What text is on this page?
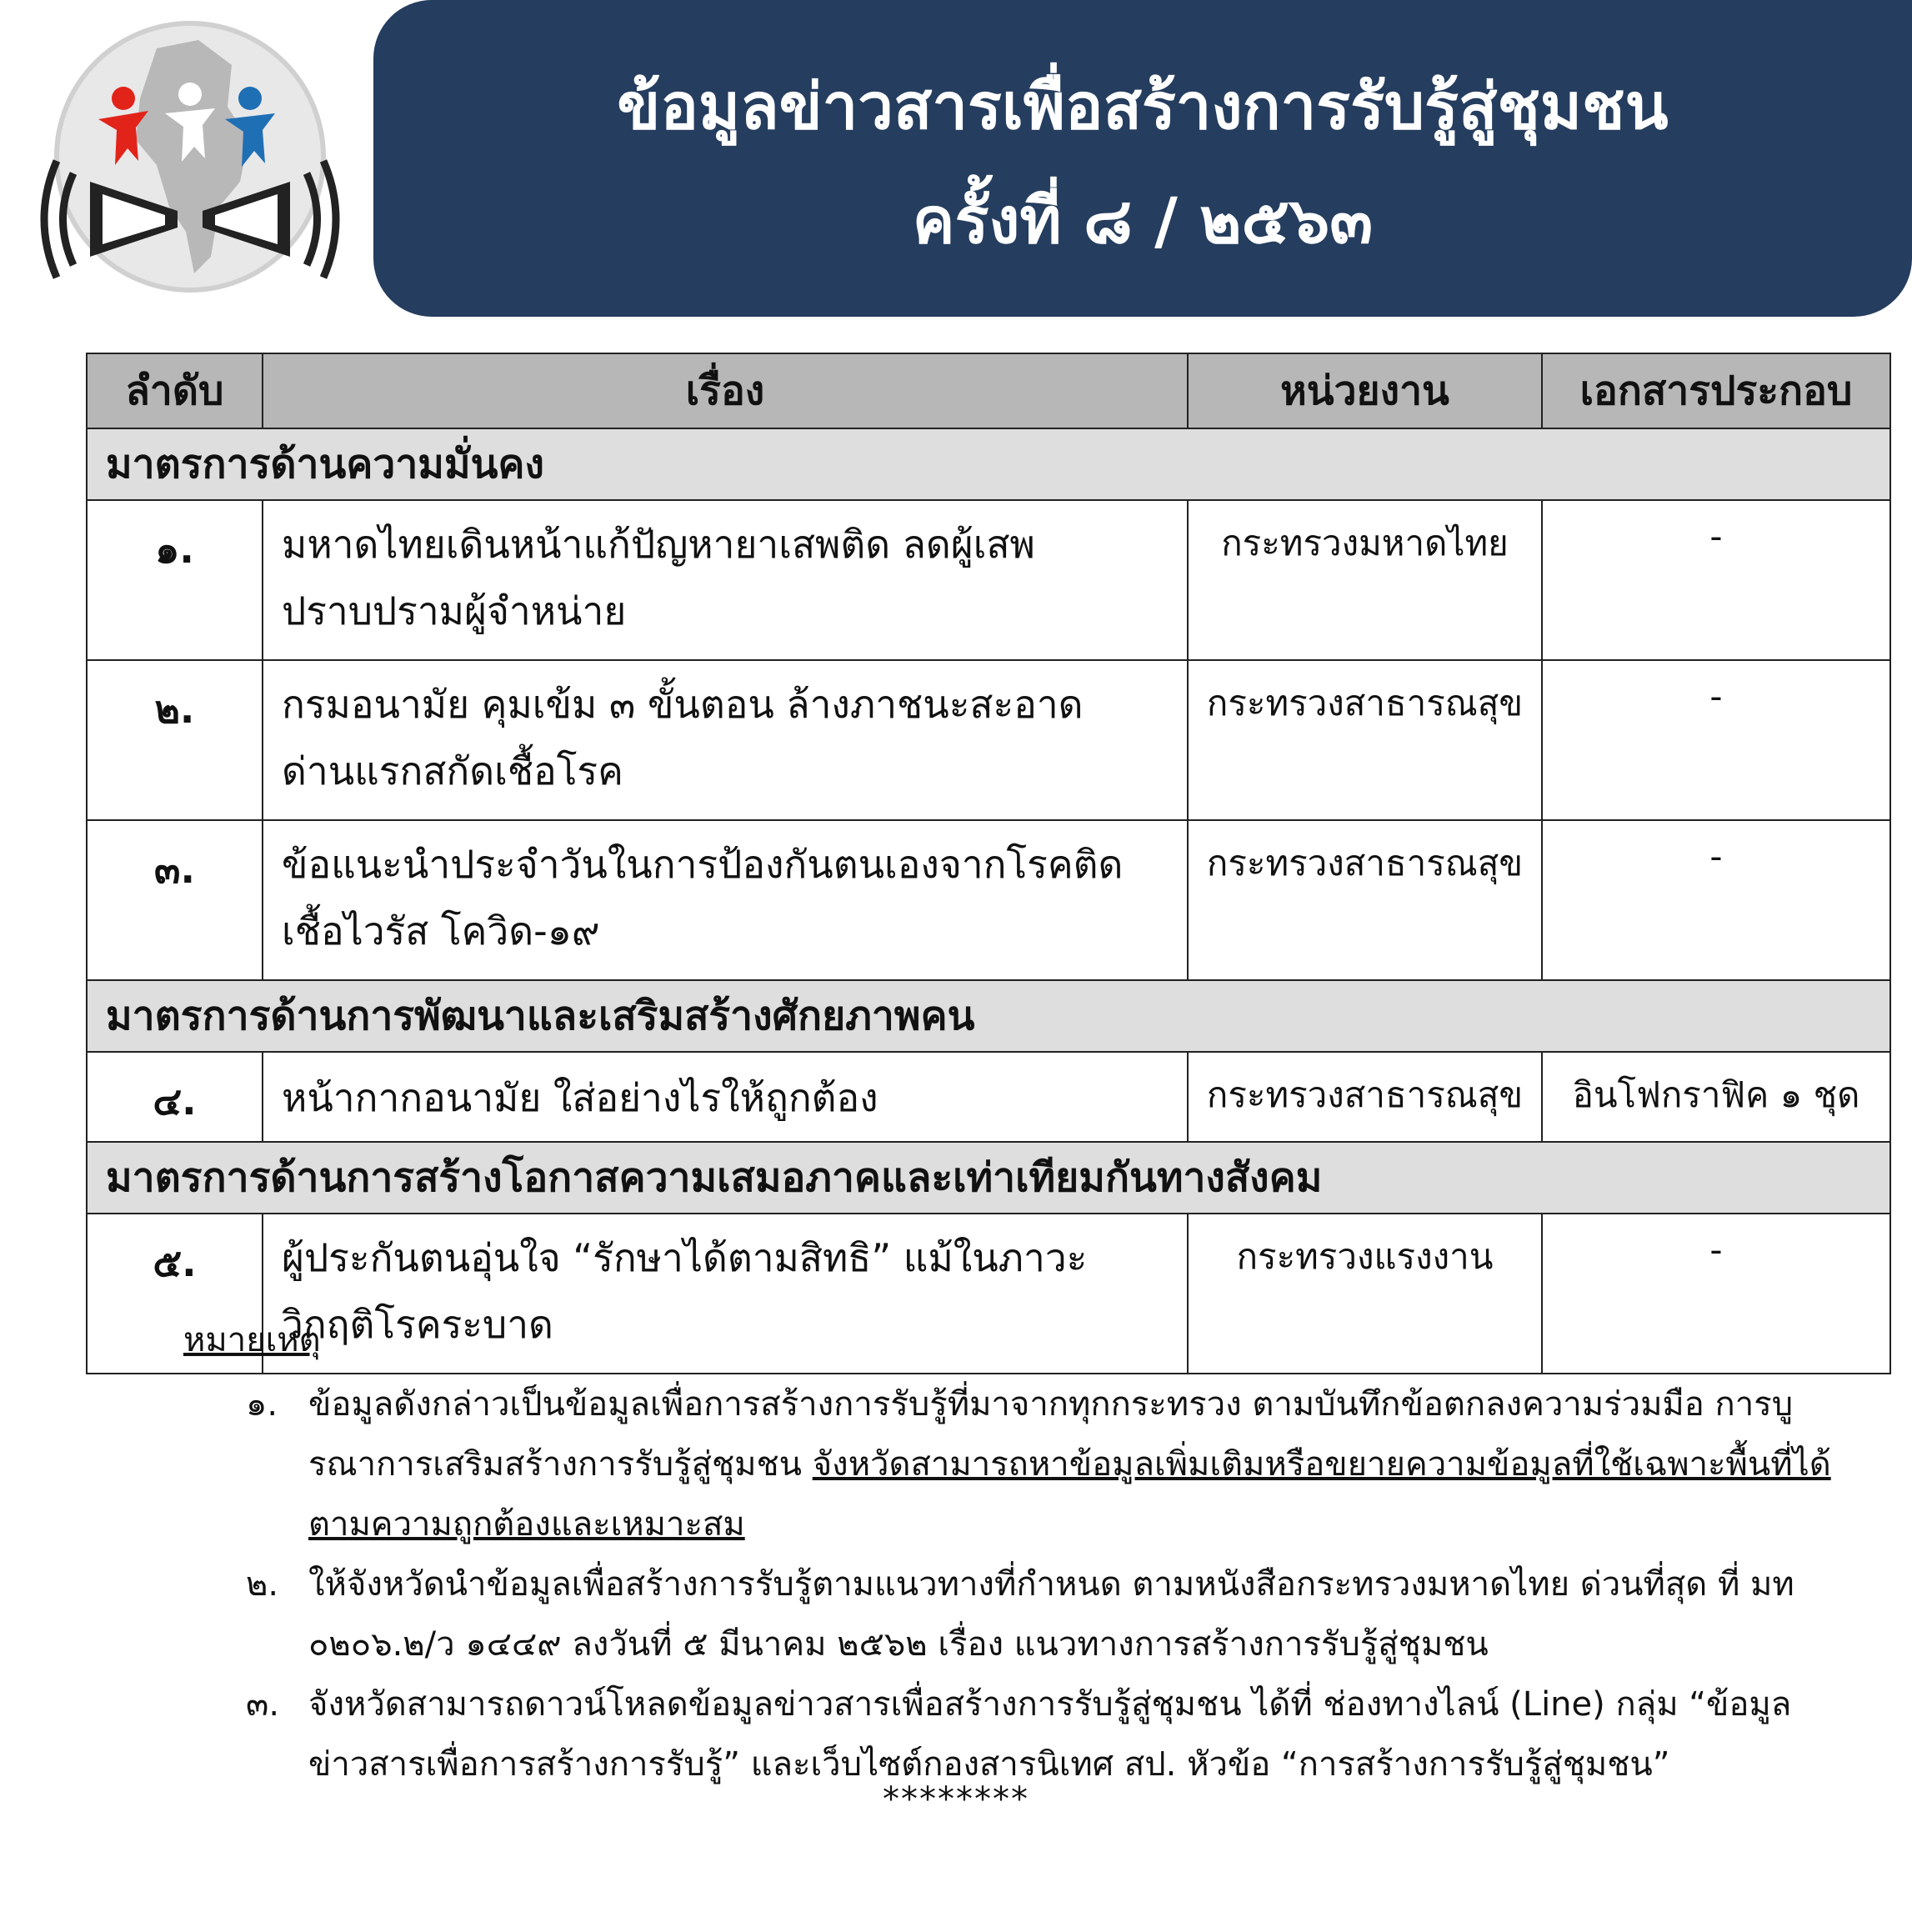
ข้อมูลข่าวสารเพื่อสร้างการรับรู้สู่ชุมชน
ครั้งที่ ๘ / ๒๕๖๓
ลำดับ	เรื่อง	หน่วยงาน	เอกสารประกอบ
มาตรการด้านความมั่นคง			
๑.	มหาดไทยเดินหน้าแก้ปัญหายาเสพติด ลดผู้เสพ
ปราบปรามผู้จำหน่าย	กระทรวงมหาดไทย	-
๒.	กรมอนามัย คุมเข้ม ๓ ขั้นตอน ล้างภาชนะสะอาด
ด่านแรกสกัดเชื้อโรค	กระทรวงสาธารณสุข	-
๓.	ข้อแนะนำประจำวันในการป้องกันตนเองจากโรคติด
เชื้อไวรัส โควิด-๑๙	กระทรวงสาธารณสุข	-
มาตรการด้านการพัฒนาและเสริมสร้างศักยภาพคน			
๔.	หน้ากากอนามัย ใส่อย่างไรให้ถูกต้อง	กระทรวงสาธารณสุข	อินโฟกราฟิค ๑ ชุด
มาตรการด้านการสร้างโอกาสความเสมอภาคและเท่าเทียมกันทางสังคม			
๕.	ผู้ประกันตนอุ่นใจ “รักษาได้ตามสิทธิ” แม้ในภาวะ
วิกฤติโรคระบาด	กระทรวงแรงงาน	-
หมายเหตุ
๑. ข้อมูลดังกล่าวเป็นข้อมูลเพื่อการสร้างการรับรู้ที่มาจากทุกกระทรวง ตามบันทึกข้อตกลงความร่วมมือ การบูรณาการเสริมสร้างการรับรู้สู่ชุมชน จังหวัดสามารถหาข้อมูลเพิ่มเติมหรือขยายความข้อมูลที่ใช้เฉพาะพื้นที่ได้ตามความถูกต้องและเหมาะสม
๒. ให้จังหวัดนำข้อมูลเพื่อสร้างการรับรู้ตามแนวทางที่กำหนด ตามหนังสือกระทรวงมหาดไทย ด่วนที่สุด ที่ มท ๐๒๐๖.๒/ว ๑๔๔๙ ลงวันที่ ๕ มีนาคม ๒๕๖๒ เรื่อง แนวทางการสร้างการรับรู้สู่ชุมชน
๓. จังหวัดสามารถดาวน์โหลดข้อมูลข่าวสารเพื่อสร้างการรับรู้สู่ชุมชน ได้ที่ ช่องทางไลน์ (Line) กลุ่ม “ข้อมูลข่าวสารเพื่อการสร้างการรับรู้” และเว็บไซต์กองสารนิเทศ สป. หัวข้อ “การสร้างการรับรู้สู่ชุมชน”
********
